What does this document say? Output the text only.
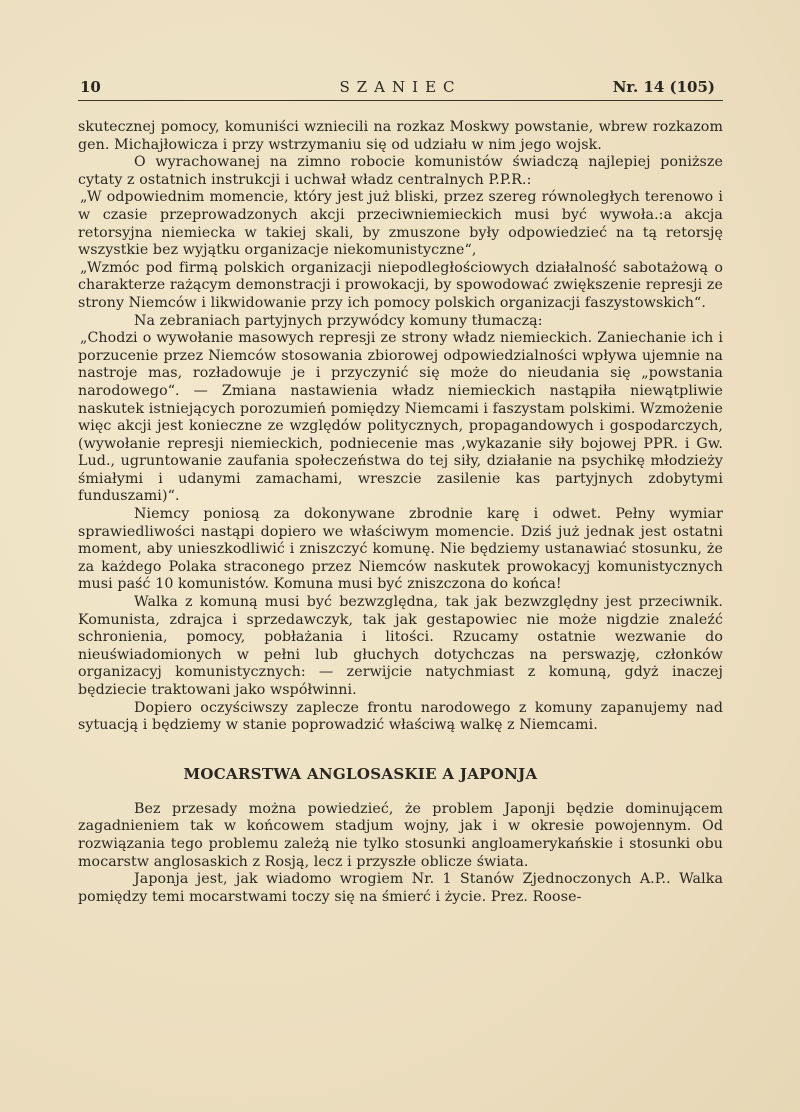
10	SZANIEC	Nr. 14 (105)

skutecznej pomocy, komuniści wzniecili na rozkaz Moskwy powstanie, wbrew rozkazom gen. Michajłowicza i przy wstrzymaniu się od udziału w nim jego wojsk.

O wyrachowanej na zimno robocie komunistów świadczą najlepiej poniższe cytaty z ostatnich instrukcji i uchwał władz centralnych P.P.R.:

„W odpowiednim momencie, który jest już bliski, przez szereg równoległych terenowo i w czasie przeprowadzonych akcji przeciwniemieckich musi być wywoła.:a akcja retorsyjna niemiecka w takiej skali, by zmuszone były odpowiedzieć na tą retorsję wszystkie bez wyjątku organizacje niekomunistyczne“,

„Wzmóc pod firmą polskich organizacji niepodległościowych działalność sabotażową o charakterze rażącym demonstracji i prowokacji, by spowodować zwiększenie represji ze strony Niemców i likwidowanie przy ich pomocy polskich organizacji faszystowskich“.

Na zebraniach partyjnych przywódcy komuny tłumaczą:

„Chodzi o wywołanie masowych represji ze strony władz niemieckich. Zaniechanie ich i porzucenie przez Niemców stosowania zbiorowej odpowiedzialności wpływa ujemnie na nastroje mas, rozładowuje je i przyczynić się może do nieudania się „powstania narodowego“. — Zmiana nastawienia władz niemieckich nastąpiła niewątpliwie naskutek istniejących porozumień pomiędzy Niemcami i faszystam polskimi. Wzmożenie więc akcji jest konieczne ze względów politycznych, propagandowych i gospodarczych, (wywołanie represji niemieckich, podniecenie mas ,wykazanie siły bojowej PPR. i Gw. Lud., ugruntowanie zaufania społeczeństwa do tej siły, działanie na psychikę młodzieży śmiałymi i udanymi zamachami, wreszcie zasilenie kas partyjnych zdobytymi funduszami)“.

Niemcy poniosą za dokonywane zbrodnie karę i odwet. Pełny wymiar sprawiedliwości nastąpi dopiero we właściwym momencie. Dziś już jednak jest ostatni moment, aby unieszkodliwić i zniszczyć komunę. Nie będziemy ustanawiać stosunku, że za każdego Polaka straconego przez Niemców naskutek prowokacyj komunistycznych musi paść 10 komunistów. Komuna musi być zniszczona do końca!

Walka z komuną musi być bezwzględna, tak jak bezwzględny jest przeciwnik. Komunista, zdrajca i sprzedawczyk, tak jak gestapowiec nie może nigdzie znaleźć schronienia, pomocy, pobłażania i litości. Rzucamy ostatnie wezwanie do nieuświadomionych w pełni lub głuchych dotychczas na perswazję, członków organizacyj komunistycznych: — zerwijcie natychmiast z komuną, gdyż inaczej będziecie traktowani jako współwinni.

Dopiero oczyściwszy zaplecze frontu narodowego z komuny zapanujemy nad sytuacją i będziemy w stanie poprowadzić właściwą walkę z Niemcami.

MOCARSTWA ANGLOSASKIE A JAPONJA

Bez przesady można powiedzieć, że problem Japonji będzie dominującem zagadnieniem tak w końcowem stadjum wojny, jak i w okresie powojennym. Od rozwiązania tego problemu zależą nie tylko stosunki angloamerykańskie i stosunki obu mocarstw anglosaskich z Rosją, lecz i przyszłe oblicze świata.

Japonja jest, jak wiadomo wrogiem Nr. 1 Stanów Zjednoczonych A.P.. Walka pomiędzy temi mocarstwami toczy się na śmierć i życie. Prez. Roose-
